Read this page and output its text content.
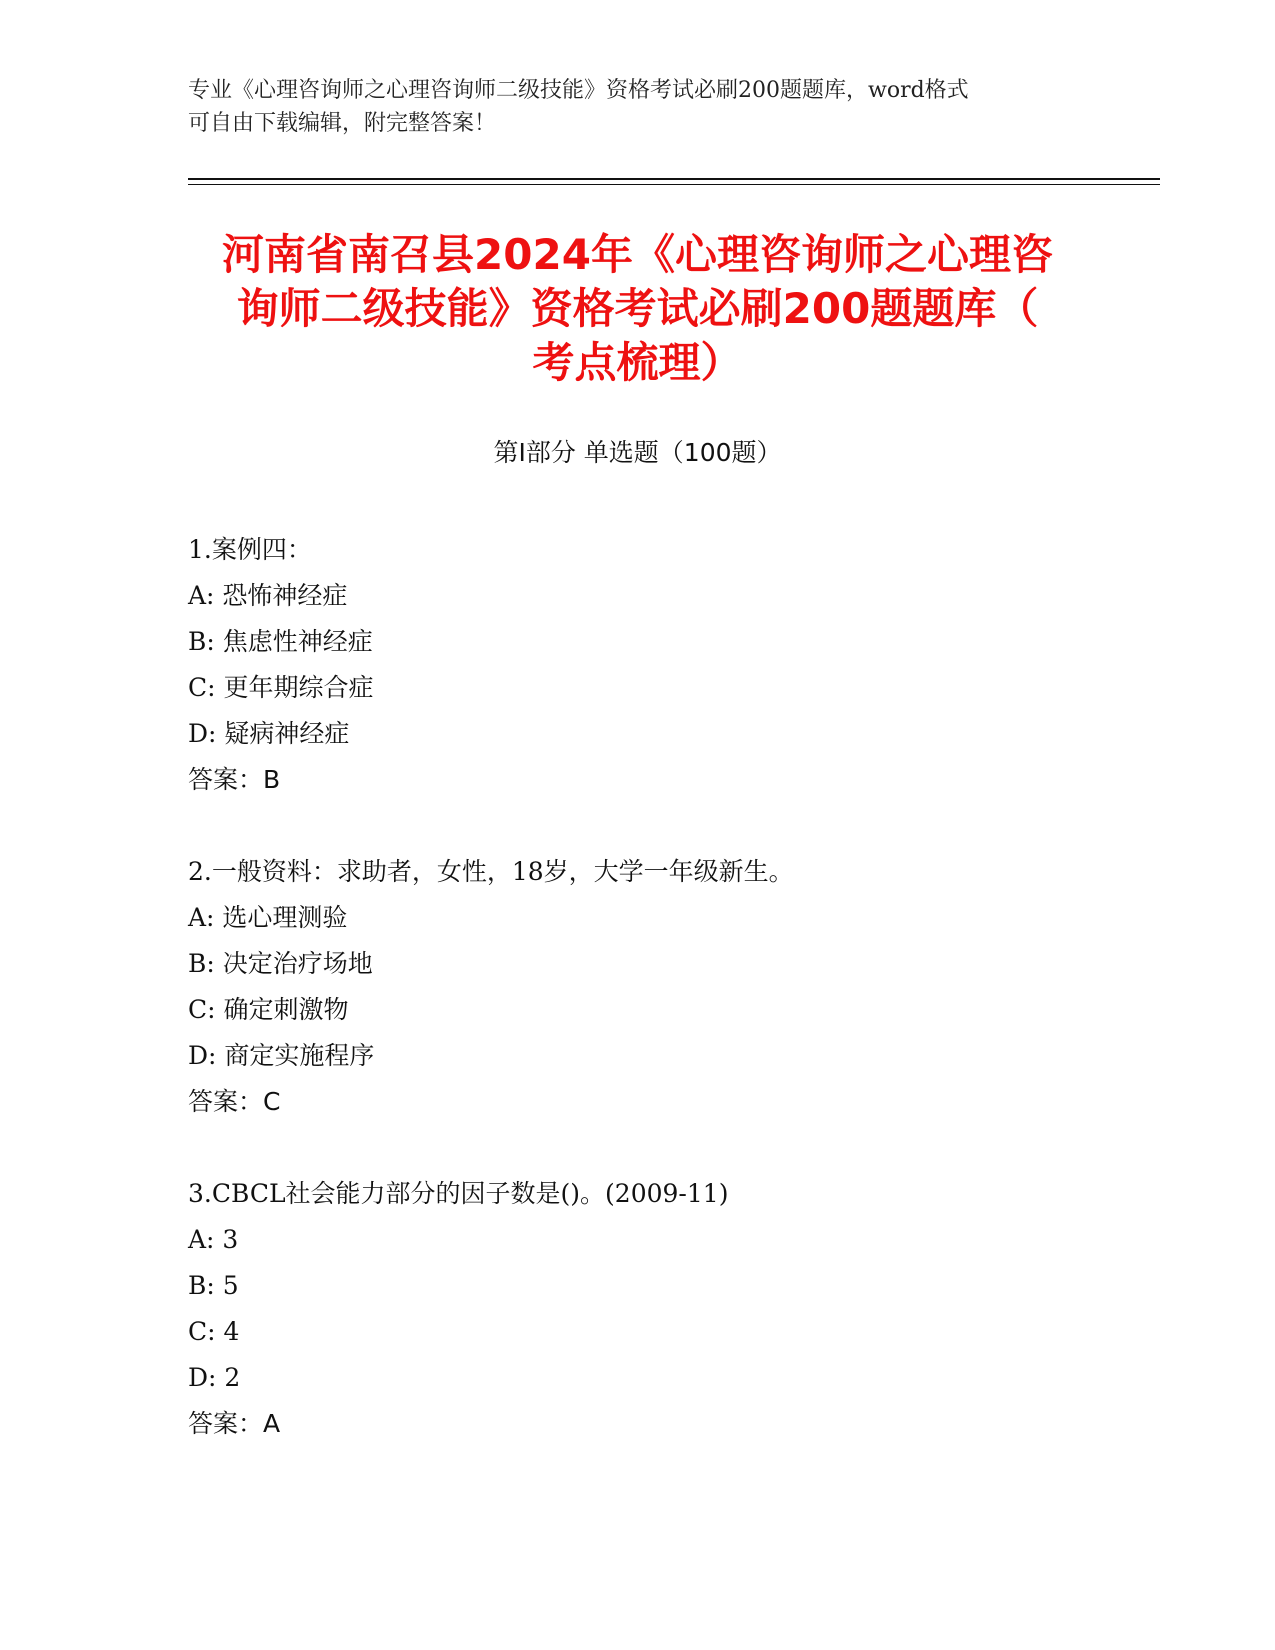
专业《心理咨询师之心理咨询师二级技能》资格考试必刷200题题库，word格式
可自由下载编辑，附完整答案！
河南省南召县2024年《心理咨询师之心理咨
询师二级技能》资格考试必刷200题题库（
考点梳理）
第Ⅰ部分 单选题（100题）
1.案例四：
A: 恐怖神经症
B: 焦虑性神经症
C: 更年期综合症
D: 疑病神经症
答案：B
2.一般资料：求助者，女性，18岁，大学一年级新生。
A: 选心理测验
B: 决定治疗场地
C: 确定刺激物
D: 商定实施程序
答案：C
3.CBCL社会能力部分的因子数是()。(2009-11)
A: 3
B: 5
C: 4
D: 2
答案：A
